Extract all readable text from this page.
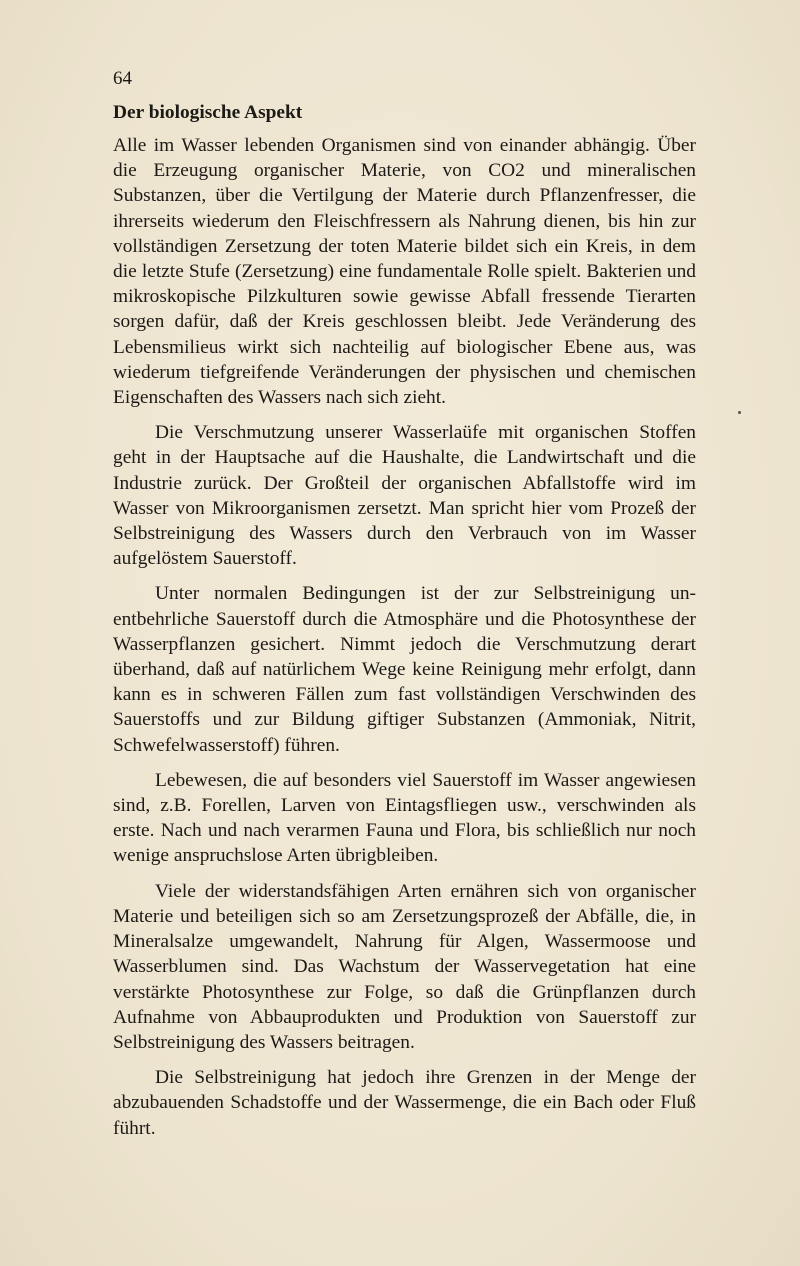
64

Der biologische Aspekt

Alle im Wasser lebenden Organismen sind von einander abhängig. Über die Erzeugung organischer Materie, von CO2 und mineralischen Substanzen, über die Vertilgung der Materie durch Pflanzenfresser, die ihrerseits wiederum den Fleischfressern als Nahrung dienen, bis hin zur vollständigen Zersetzung der toten Materie bildet sich ein Kreis, in dem die letzte Stufe (Zersetzung) eine fundamentale Rolle spielt. Bakterien und mikroskopische Pilzkulturen sowie gewisse Abfall fressende Tierarten sorgen dafür, daß der Kreis geschlossen bleibt. Jede Veränderung des Lebensmilieus wirkt sich nachteilig auf biologischer Ebene aus, was wiederum tiefgreifende Veränderungen der physischen und chemischen Eigenschaften des Wassers nach sich zieht.

Die Verschmutzung unserer Wasserlaüfe mit organischen Stoffen geht in der Hauptsache auf die Haushalte, die Landwirtschaft und die Industrie zurück. Der Großteil der organischen Abfallstoffe wird im Wasser von Mikroorganismen zersetzt. Man spricht hier vom Prozeß der Selbstreinigung des Wassers durch den Verbrauch von im Wasser aufgelöstem Sauerstoff.

Unter normalen Bedingungen ist der zur Selbstreinigung unentbehrliche Sauerstoff durch die Atmosphäre und die Photosynthese der Wasserpflanzen gesichert. Nimmt jedoch die Verschmutzung derart überhand, daß auf natürlichem Wege keine Reinigung mehr erfolgt, dann kann es in schweren Fällen zum fast vollständigen Verschwinden des Sauerstoffs und zur Bildung giftiger Substanzen (Ammoniak, Nitrit, Schwefelwasserstoff) führen.

Lebewesen, die auf besonders viel Sauerstoff im Wasser angewiesen sind, z.B. Forellen, Larven von Eintagsfliegen usw., verschwinden als erste. Nach und nach verarmen Fauna und Flora, bis schließlich nur noch wenige anspruchslose Arten übrigbleiben.

Viele der widerstandsfähigen Arten ernähren sich von organischer Materie und beteiligen sich so am Zersetzungsprozeß der Abfälle, die, in Mineralsalze umgewandelt, Nahrung für Algen, Wassermoose und Wasserblumen sind. Das Wachstum der Wasservegetation hat eine verstärkte Photosynthese zur Folge, so daß die Grünpflanzen durch Aufnahme von Abbauprodukten und Produktion von Sauerstoff zur Selbstreinigung des Wassers beitragen.

Die Selbstreinigung hat jedoch ihre Grenzen in der Menge der abzubauenden Schadstoffe und der Wassermenge, die ein Bach oder Fluß führt.
